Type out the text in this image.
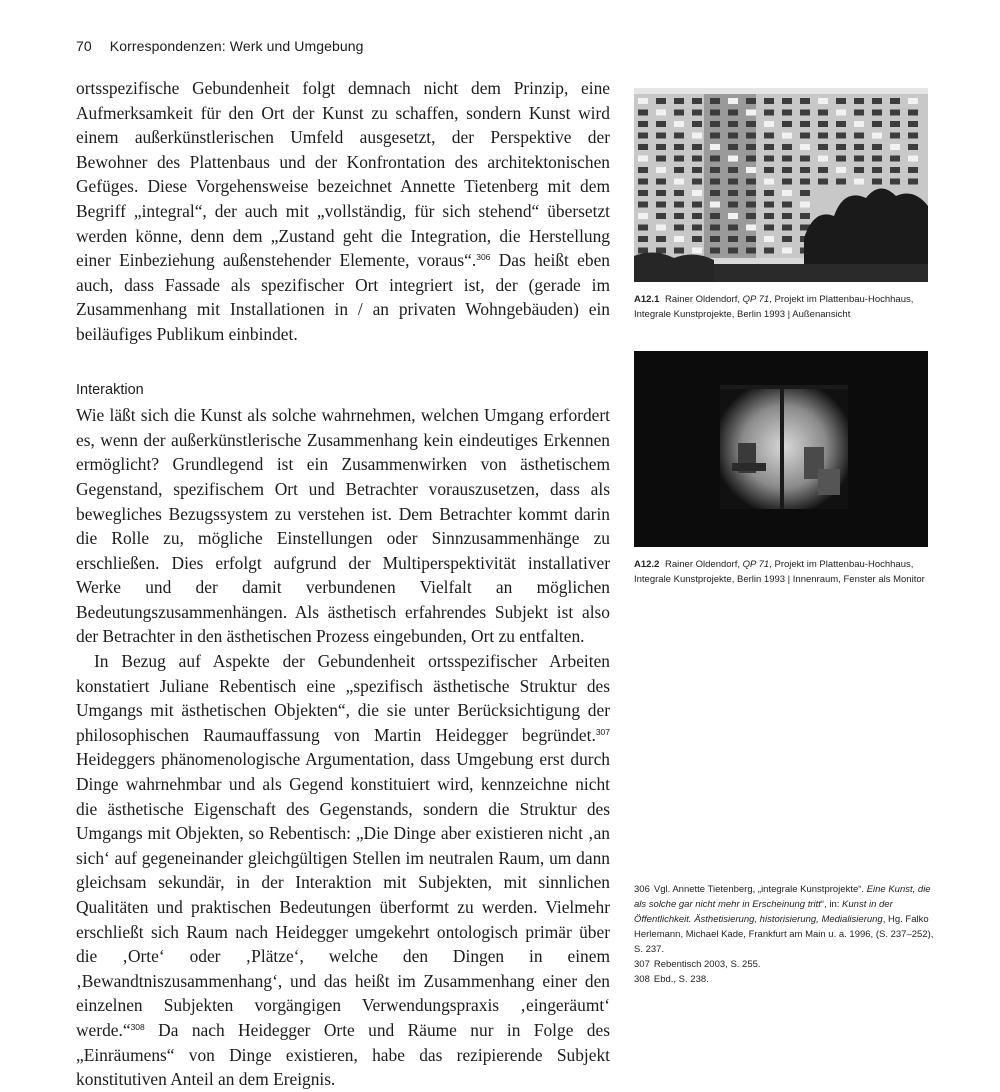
70 Korrespondenzen: Werk und Umgebung

ortsspezifische Gebundenheit folgt demnach nicht dem Prinzip, eine Aufmerksamkeit für den Ort der Kunst zu schaffen, sondern Kunst wird einem außerkünstlerischen Umfeld ausgesetzt, der Perspektive der Bewohner des Plattenbaus und der Konfrontation des architektonischen Gefüges. Diese Vorgehensweise bezeichnet Annette Tietenberg mit dem Begriff „integral“, der auch mit „vollständig, für sich stehend“ übersetzt werden könne, denn dem „Zustand geht die Integration, die Herstellung einer Einbeziehung außenstehender Elemente, voraus“.$^{306}$ Das heißt eben auch, dass Fassade als spezifischer Ort integriert ist, der (gerade im Zusammenhang mit Installationen in / an privaten Wohngebäuden) ein beiläufiges Publikum einbindet.

Interaktion

Wie läßt sich die Kunst als solche wahrnehmen, welchen Umgang erfordert es, wenn der außerkünstlerische Zusammenhang kein eindeutiges Erkennen ermöglicht? Grundlegend ist ein Zusammenwirken von ästhetischem Gegenstand, spezifischem Ort und Betrachter vorauszusetzen, dass als bewegliches Bezugssystem zu verstehen ist. Dem Betrachter kommt darin die Rolle zu, mögliche Einstellungen oder Sinnzusammenhänge zu erschließen. Dies erfolgt aufgrund der Multiperspektivität installativer Werke und der damit verbundenen Vielfalt an möglichen Bedeutungszusammenhängen. Als ästhetisch erfahrendes Subjekt ist also der Betrachter in den ästhetischen Prozess eingebunden, Ort zu entfalten.

In Bezug auf Aspekte der Gebundenheit ortsspezifischer Arbeiten konstatiert Juliane Rebentisch eine „spezifisch ästhetische Struktur des Umgangs mit ästhetischen Objekten“, die sie unter Berücksichtigung der philosophischen Raumauffassung von Martin Heidegger begründet.$^{307}$ Heideggers phänomenologische Argumentation, dass Umgebung erst durch Dinge wahrnehmbar und als Gegend konstituiert wird, kennzeichne nicht die ästhetische Eigenschaft des Gegenstands, sondern die Struktur des Umgangs mit Objekten, so Rebentisch: „Die Dinge aber existieren nicht ‚an sich‘ auf gegeneinander gleichgültigen Stellen im neutralen Raum, um dann gleichsam sekundär, in der Interaktion mit Subjekten, mit sinnlichen Qualitäten und praktischen Bedeutungen überformt zu werden. Vielmehr erschließt sich Raum nach Heidegger umgekehrt ontologisch primär über die ‚Orte‘ oder ‚Plätze‘, welche den Dingen in einem ‚Bewandtniszusammenhang‘, und das heißt im Zusammenhang einer den einzelnen Subjekten vorgängigen Verwendungspraxis ‚eingeräumt‘ werde.“$^{308}$ Da nach Heidegger Orte und Räume nur in Folge des „Einräumens“ von Dinge existieren, habe das rezipierende Subjekt konstitutiven Anteil an dem Ereignis.

A12.1 Rainer Oldendorf, QP 71, Projekt im Plattenbau-Hochhaus, Integrale Kunstprojekte, Berlin 1993 | Außenansicht
A12.2 Rainer Oldendorf, QP 71, Projekt im Plattenbau-Hochhaus, Integrale Kunstprojekte, Berlin 1993 | Innenraum, Fenster als Monitor

306 Vgl. Annette Tietenberg, „integrale Kunstprojekte“. Eine Kunst, die als solche gar nicht mehr in Erscheinung tritt“, in: Kunst in der Öffentlichkeit. Ästhetisierung, historisierung, Medialisierung, Hg. Falko Herlemann, Michael Kade, Frankfurt am Main u. a. 1996, (S. 237–252), S. 237.

307 Rebentisch 2003, S. 255.

308 Ebd., S. 238.
